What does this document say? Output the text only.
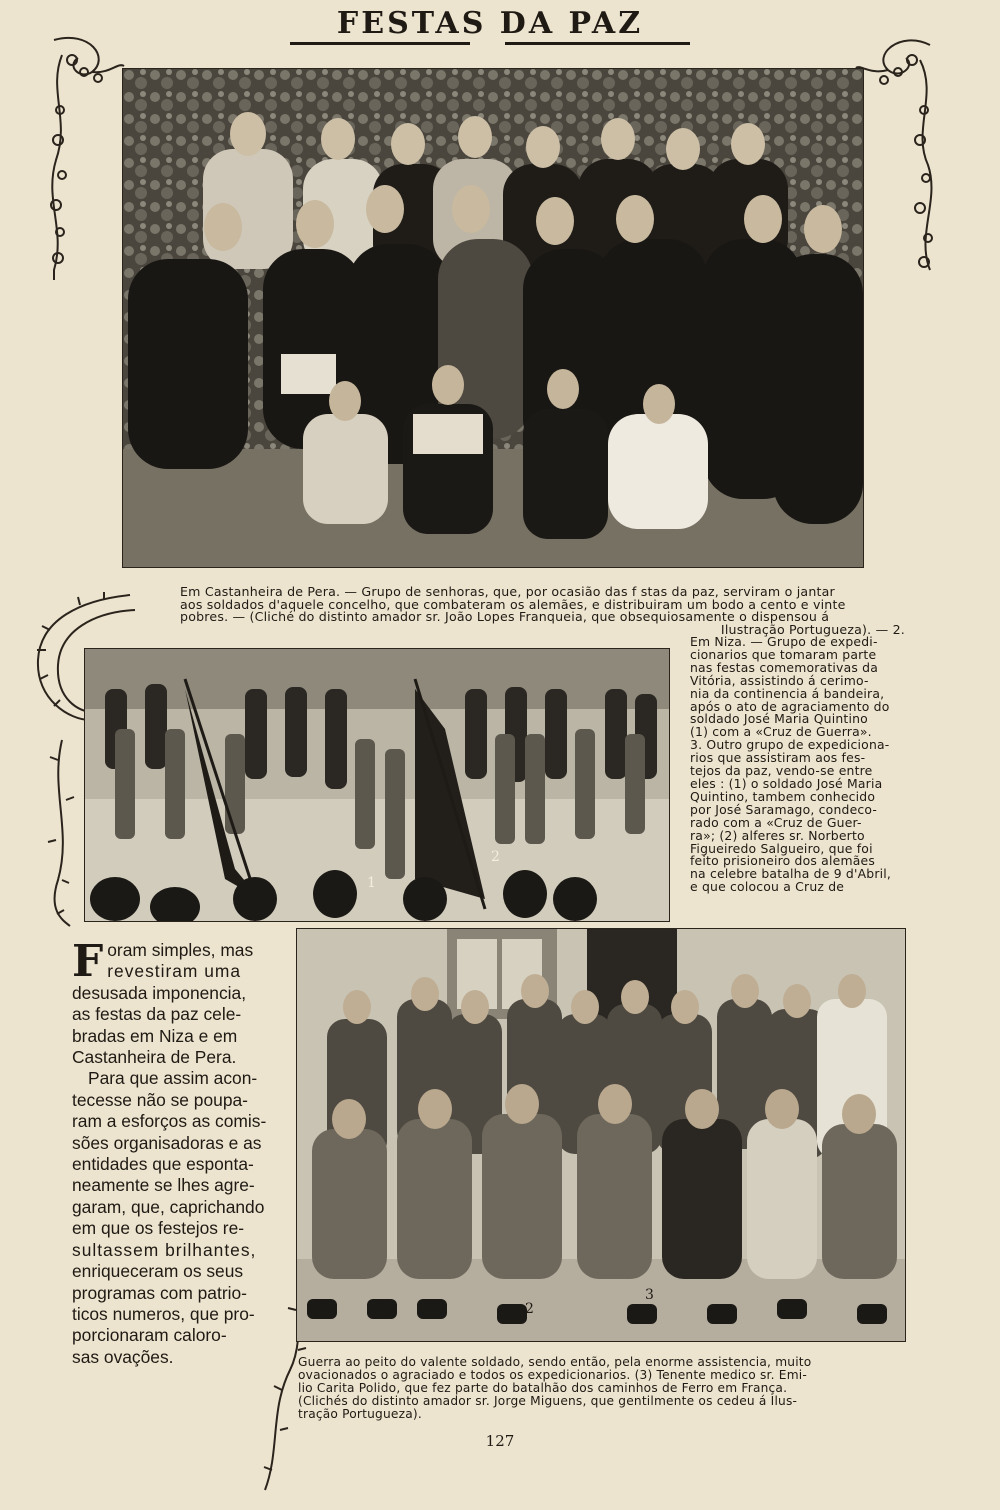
FESTAS DA PAZ

Em Castanheira de Pera. — Grupo de senhoras, que, por ocasião das f stas da paz, serviram o jantar
aos soldados d'aquele concelho, que combateram os alemães, e distribuiram um bodo a cento e vinte
pobres. — (Cliché do distinto amador sr. João Lopes Franqueia, que obsequiosamente o dispensou á
Ilustração Portugueza). — 2.

1
2

Em Niza. — Grupo de expedi-
cionarios que tomaram parte
nas festas comemorativas da
Vitória, assistindo á cerimo-
nia da continencia á bandeira,
após o ato de agraciamento do
soldado José Maria Quintino
(1) com a «Cruz de Guerra».
3. Outro grupo de expediciona-
rios que assistiram aos fes-
tejos da paz, vendo-se entre
eles : (1) o soldado José Maria
Quintino, tambem conhecido
por José Saramago, condeco-
rado com a «Cruz de Guer-
ra»; (2) alferes sr. Norberto
Figueiredo Salgueiro, que foi
feito prisioneiro dos alemães
na celebre batalha de 9 d'Abril,
e que colocou a Cruz de

F oram simples, mas
revestiram uma
desusada imponencia,
as festas da paz cele-
bradas em Niza e em
Castanheira de Pera.
Para que assim acon-
tecesse não se poupa-
ram a esforços as comis-
sões organisadoras e as
entidades que esponta-
neamente se lhes agre-
garam, que, caprichando
em que os festejos re-
sultassem brilhantes,
enriqueceram os seus
programas com patrio-
ticos numeros, que pro-
porcionaram caloro-
sas ovações.
2
3

Guerra ao peito do valente soldado, sendo então, pela enorme assistencia, muito
ovacionados o agraciado e todos os expedicionarios. (3) Tenente medico sr. Emi-
lio Carita Polido, que fez parte do batalhão dos caminhos de Ferro em França.
(Clichés do distinto amador sr. Jorge Miguens, que gentilmente os cedeu á Ilus-
tração Portugueza).

127
